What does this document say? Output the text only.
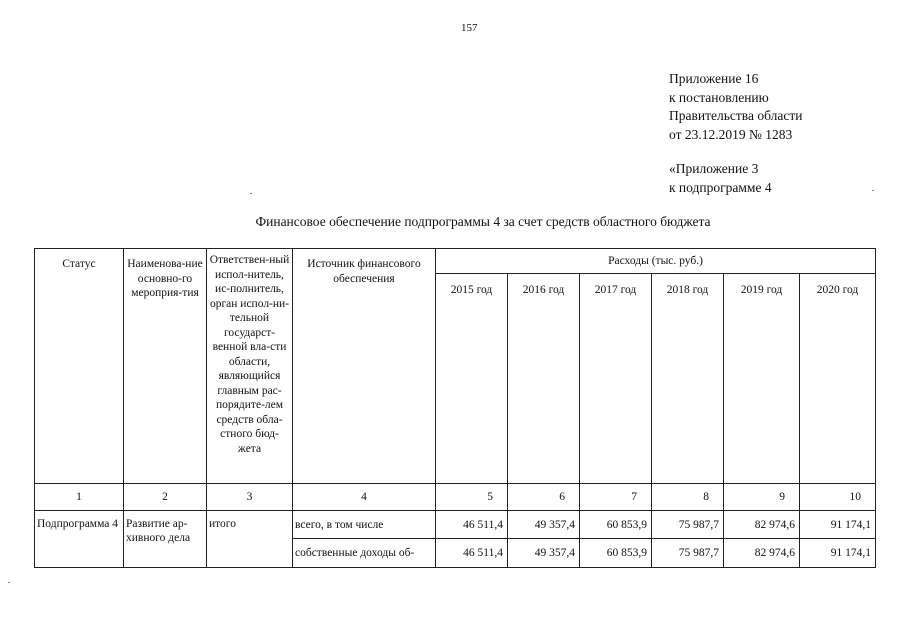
157
Приложение 16
к постановлению
Правительства области
от 23.12.2019 № 1283
«Приложение 3
к подпрограмме 4
Финансовое обеспечение подпрограммы 4 за счет средств областного бюджета
Статус	Наименова-ние основно-го мероприя-тия	Ответствен-ный испол-нитель, ис-полнитель, орган испол-ни-тельной государст-венной вла-сти области, являющийся главным рас-порядите-лем средств обла-стного бюд-жета	Источник финансового обеспечения	Расходы (тыс. руб.)					
				2015 год	2016 год	2017 год	2018 год	2019 год	2020 год
1	2	3	4	5	6	7	8	9	10
Подпрограмма 4	Развитие ар-хивного дела	итого	всего, в том числе	46 511,4	49 357,4	60 853,9	75 987,7	82 974,6	91 174,1
			собственные доходы об-	46 511,4	49 357,4	60 853,9	75 987,7	82 974,6	91 174,1
